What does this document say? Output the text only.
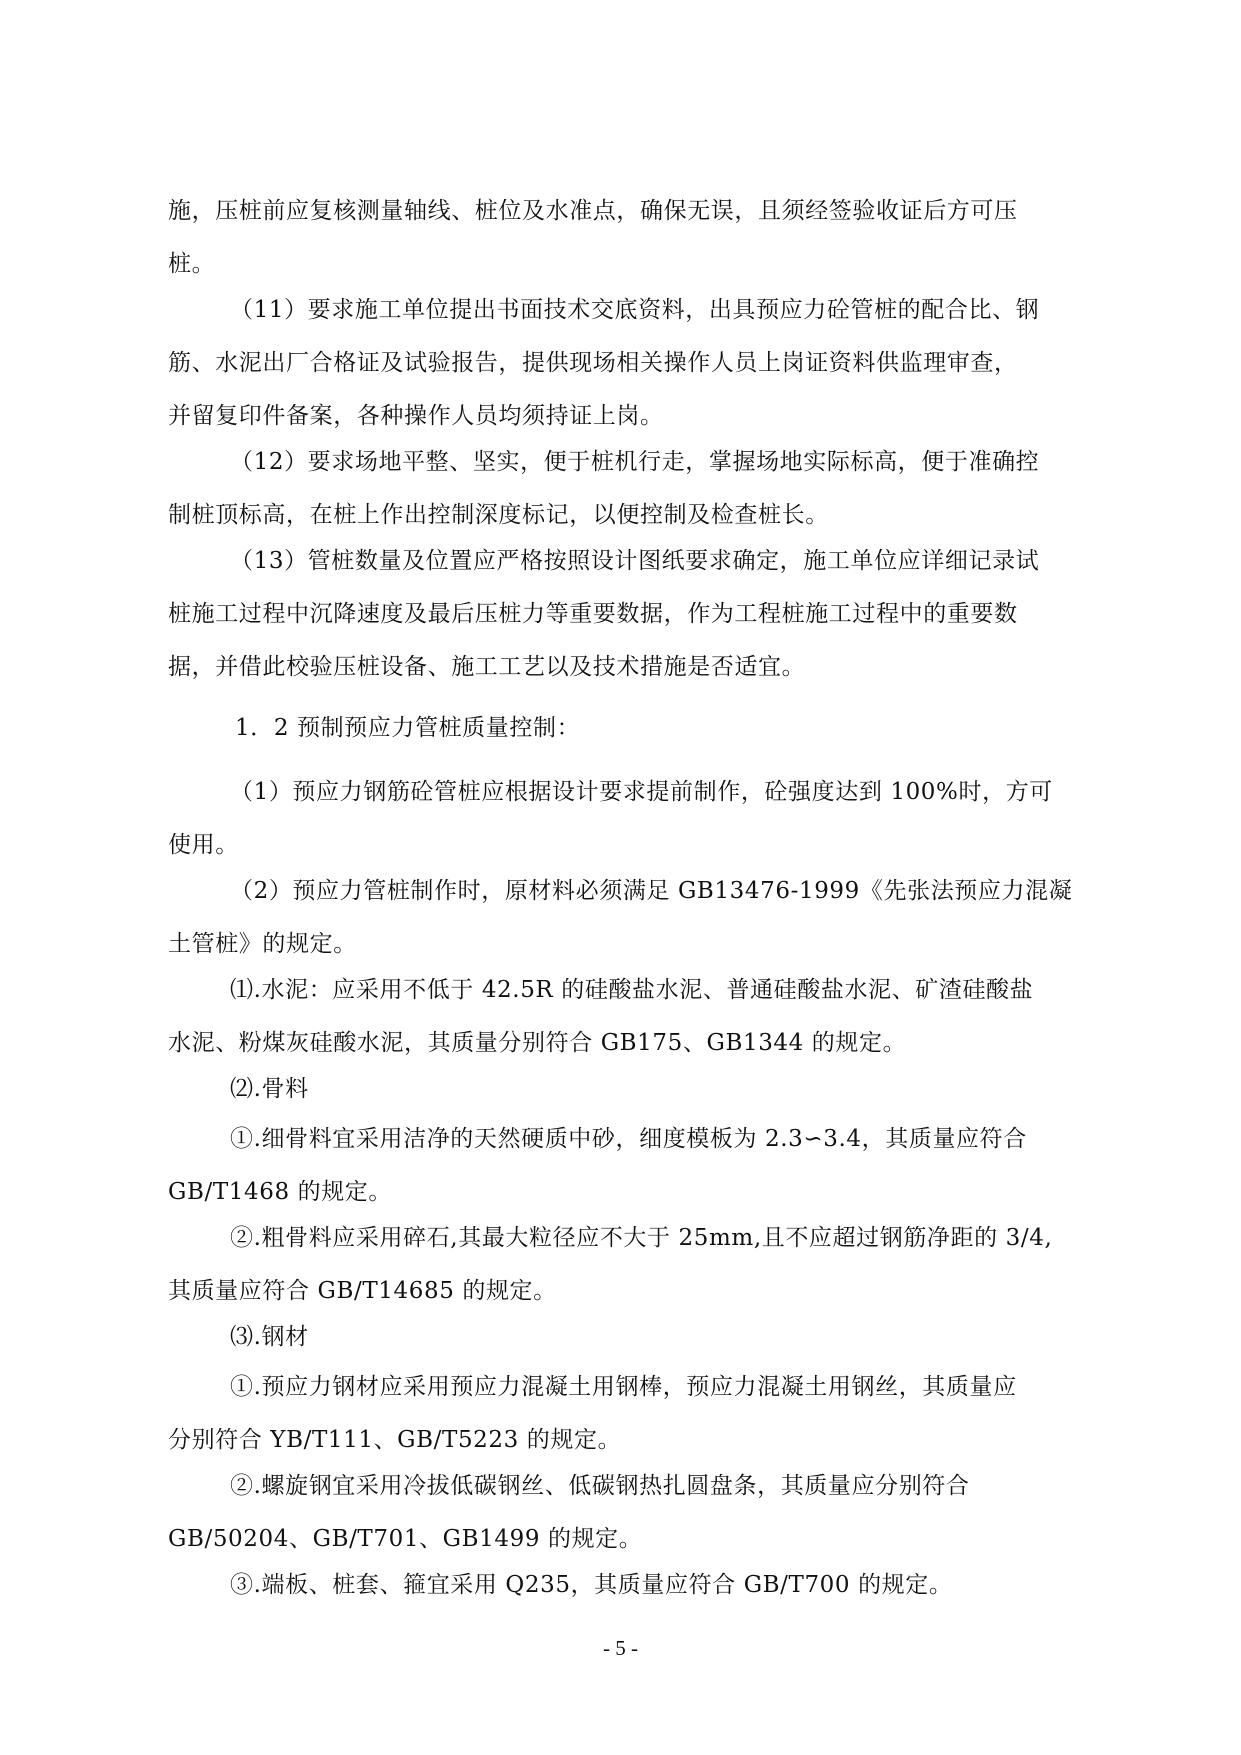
施，压桩前应复核测量轴线、桩位及水准点，确保无误，且须经签验收证后方可压
桩。
（11）要求施工单位提出书面技术交底资料，出具预应力砼管桩的配合比、钢
筋、水泥出厂合格证及试验报告，提供现场相关操作人员上岗证资料供监理审查，
并留复印件备案，各种操作人员均须持证上岗。
（12）要求场地平整、坚实，便于桩机行走，掌握场地实际标高，便于准确控
制桩顶标高，在桩上作出控制深度标记，以便控制及检查桩长。
（13）管桩数量及位置应严格按照设计图纸要求确定，施工单位应详细记录试
桩施工过程中沉降速度及最后压桩力等重要数据，作为工程桩施工过程中的重要数
据，并借此校验压桩设备、施工工艺以及技术措施是否适宜。
1．2 预制预应力管桩质量控制：
（1）预应力钢筋砼管桩应根据设计要求提前制作，砼强度达到 100%时，方可
使用。
（2）预应力管桩制作时，原材料必须满足 GB13476-1999《先张法预应力混凝
土管桩》的规定。
⑴.水泥：应采用不低于 42.5R 的硅酸盐水泥、普通硅酸盐水泥、矿渣硅酸盐
水泥、粉煤灰硅酸水泥，其质量分别符合 GB175、GB1344 的规定。
⑵.骨料
①.细骨料宜采用洁净的天然硬质中砂，细度模板为 2.3∽3.4，其质量应符合
GB/T1468 的规定。
②.粗骨料应采用碎石,其最大粒径应不大于 25mm,且不应超过钢筋净距的 3/4,
其质量应符合 GB/T14685 的规定。
⑶.钢材
①.预应力钢材应采用预应力混凝土用钢棒，预应力混凝土用钢丝，其质量应
分别符合 YB/T111、GB/T5223 的规定。
②.螺旋钢宜采用冷拔低碳钢丝、低碳钢热扎圆盘条，其质量应分别符合
GB/50204、GB/T701、GB1499 的规定。
③.端板、桩套、箍宜采用 Q235，其质量应符合 GB/T700 的规定。
- 5 -
